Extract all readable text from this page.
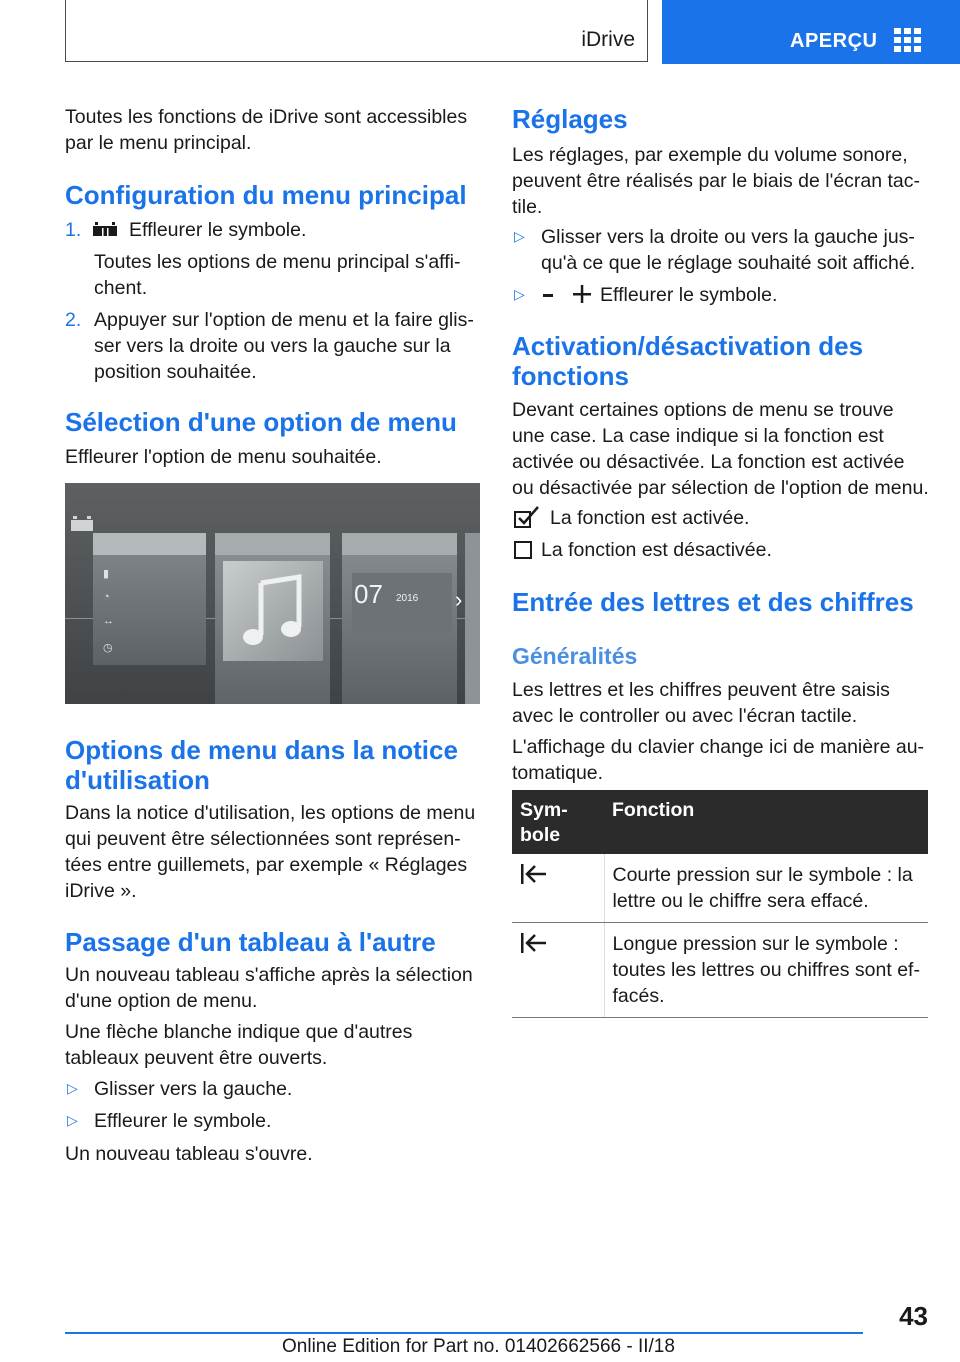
iDrive	APERÇU

Toutes les fonctions de iDrive sont accessibles par le menu principal.

Configuration du menu principal
1. Effleurer le symbole.

Toutes les options de menu principal s'affichent.

2. Appuyer sur l'option de menu et la faire glisser vers la droite ou vers la gauche sur la position souhaitée.

Sélection d'une option de menu

Effleurer l'option de menu souhaitée.

Options de menu dans la notice d'utilisation

Dans la notice d'utilisation, les options de menu qui peuvent être sélectionnées sont représentées entre guillemets, par exemple « Réglages iDrive ».

Passage d'un tableau à l'autre

Un nouveau tableau s'affiche après la sélection d'une option de menu.

Une flèche blanche indique que d'autres tableaux peuvent être ouverts.

▷ Glisser vers la gauche.

▷ Effleurer le symbole.

Un nouveau tableau s'ouvre.

▮
◔
↔
◷
07 2016 ›
Réglages

Les réglages, par exemple du volume sonore, peuvent être réalisés par le biais de l'écran tactile.

▷ Glisser vers la droite ou vers la gauche jusqu'à ce que le réglage souhaité soit affiché.

▷	Effleurer le symbole.

Activation/désactivation des fonctions

Devant certaines options de menu se trouve une case. La case indique si la fonction est activée ou désactivée. La fonction est activée ou désactivée par sélection de l'option de menu.

La fonction est activée.

La fonction est désactivée.

Entrée des lettres et des chiffres
Généralités

Les lettres et les chiffres peuvent être saisis avec le controller ou avec l'écran tactile.

L'affichage du clavier change ici de manière automatique.

Symbole	Fonction
	Courte pression sur le symbole : la lettre ou le chiffre sera effacé.
	Longue pression sur le symbole : toutes les lettres ou chiffres sont effacés.
43
Online Edition for Part no. 01402662566 - II/18
